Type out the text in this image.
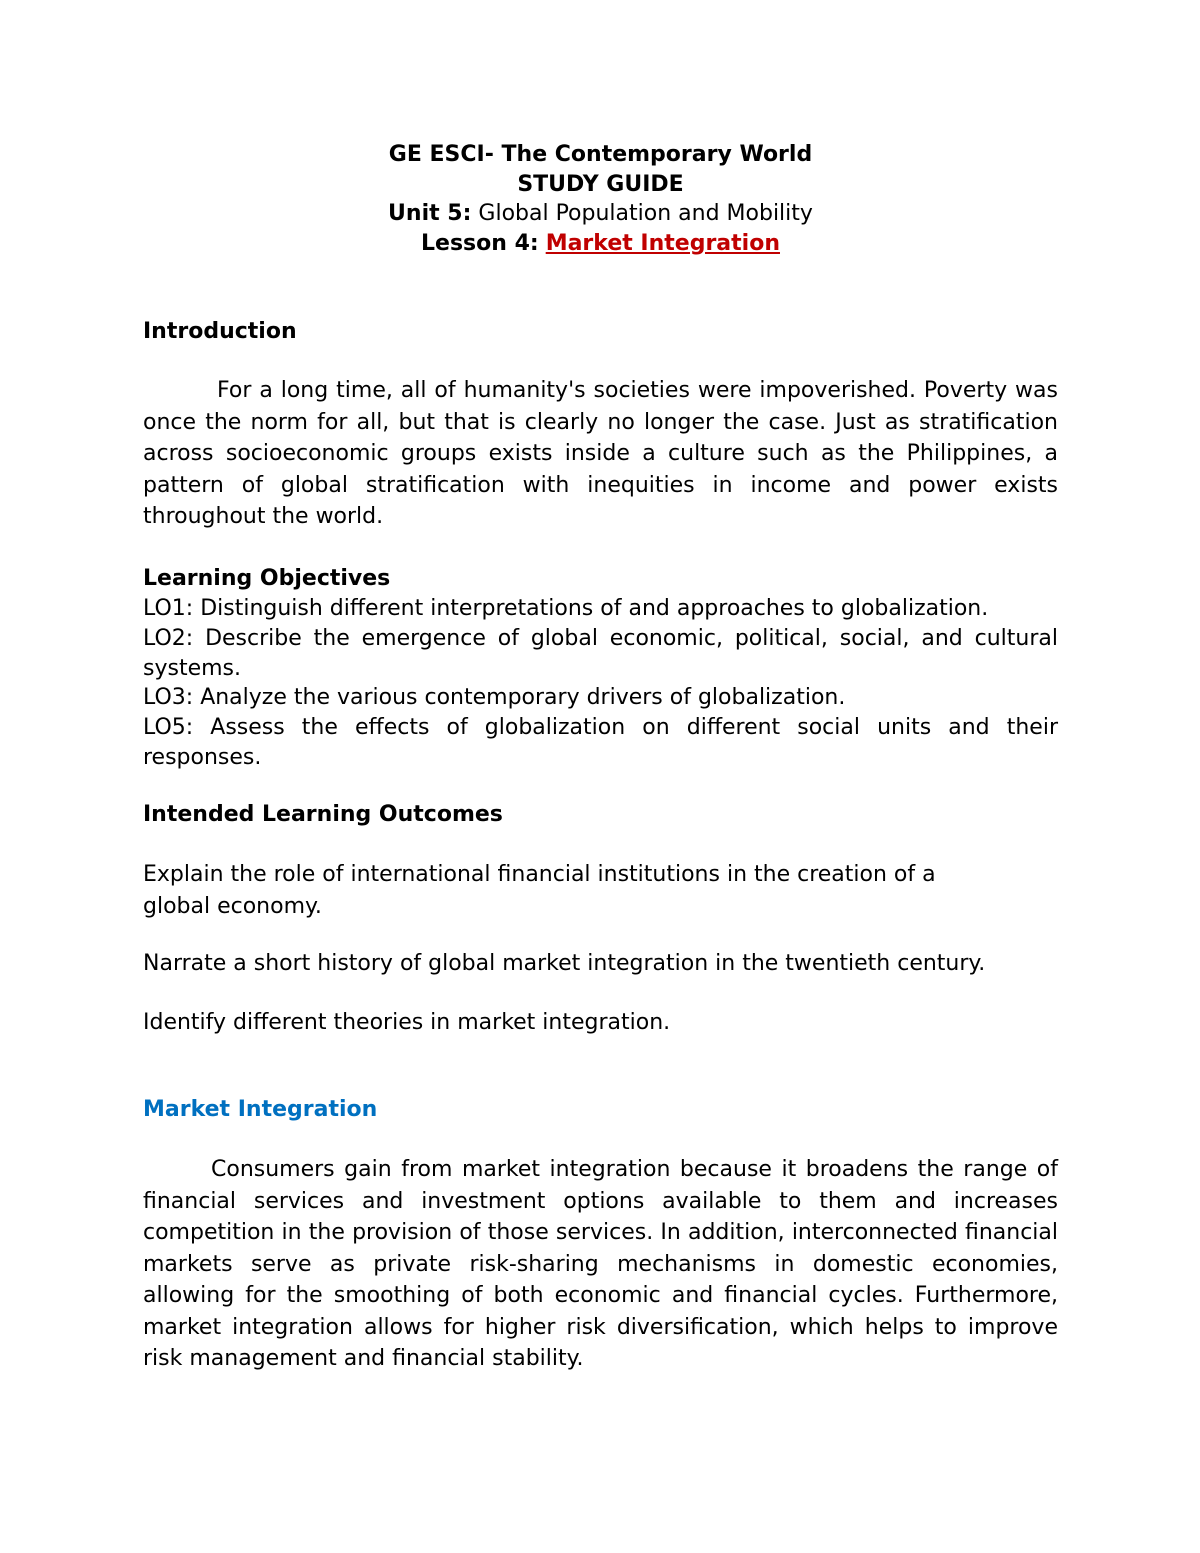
GE ESCI- The Contemporary World
STUDY GUIDE
Unit 5: Global Population and Mobility
Lesson 4: Market Integration
Introduction

For a long time, all of humanity's societies were impoverished. Poverty was once the norm for all, but that is clearly no longer the case. Just as stratification across socioeconomic groups exists inside a culture such as the Philippines, a pattern of global stratification with inequities in income and power exists throughout the world.

Learning Objectives

LO1: Distinguish different interpretations of and approaches to globalization.

LO2: Describe the emergence of global economic, political, social, and cultural systems.

LO3: Analyze the various contemporary drivers of globalization.

LO5: Assess the effects of globalization on different social units and their responses.

Intended Learning Outcomes

Explain the role of international financial institutions in the creation of a global economy.

Narrate a short history of global market integration in the twentieth century.

Identify different theories in market integration.

Market Integration

Consumers gain from market integration because it broadens the range of financial services and investment options available to them and increases competition in the provision of those services. In addition, interconnected financial markets serve as private risk-sharing mechanisms in domestic economies, allowing for the smoothing of both economic and financial cycles. Furthermore, market integration allows for higher risk diversification, which helps to improve risk management and financial stability.
